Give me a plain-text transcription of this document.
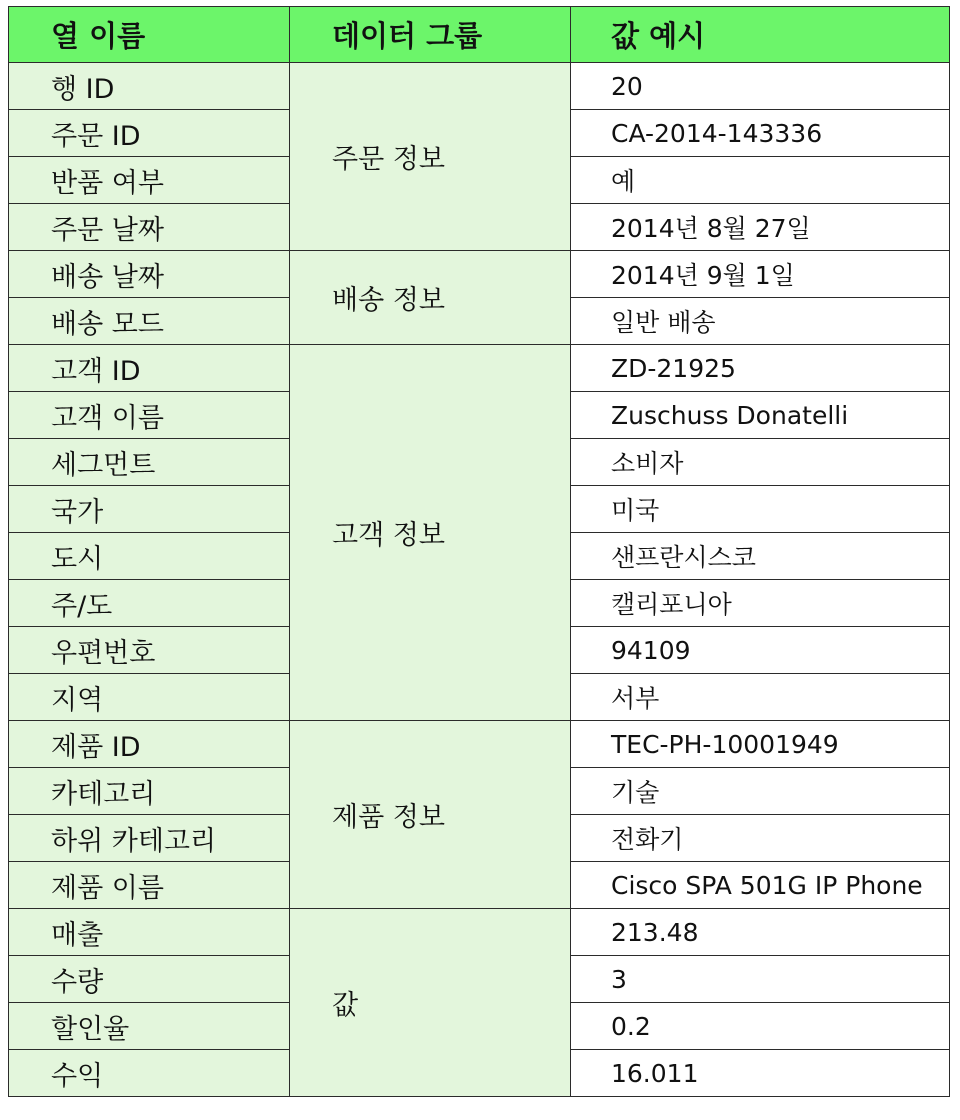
열 이름	데이터 그룹	값 예시
행 ID	주문 정보	20
주문 ID		CA-2014-143336
반품 여부		예
주문 날짜		2014년 8월 27일
배송 날짜	배송 정보	2014년 9월 1일
배송 모드		일반 배송
고객 ID	고객 정보	ZD-21925
고객 이름		Zuschuss Donatelli
세그먼트		소비자
국가		미국
도시		샌프란시스코
주/도		캘리포니아
우편번호		94109
지역		서부
제품 ID	제품 정보	TEC-PH-10001949
카테고리		기술
하위 카테고리		전화기
제품 이름		Cisco SPA 501G IP Phone
매출	값	213.48
수량		3
할인율		0.2
수익		16.011
